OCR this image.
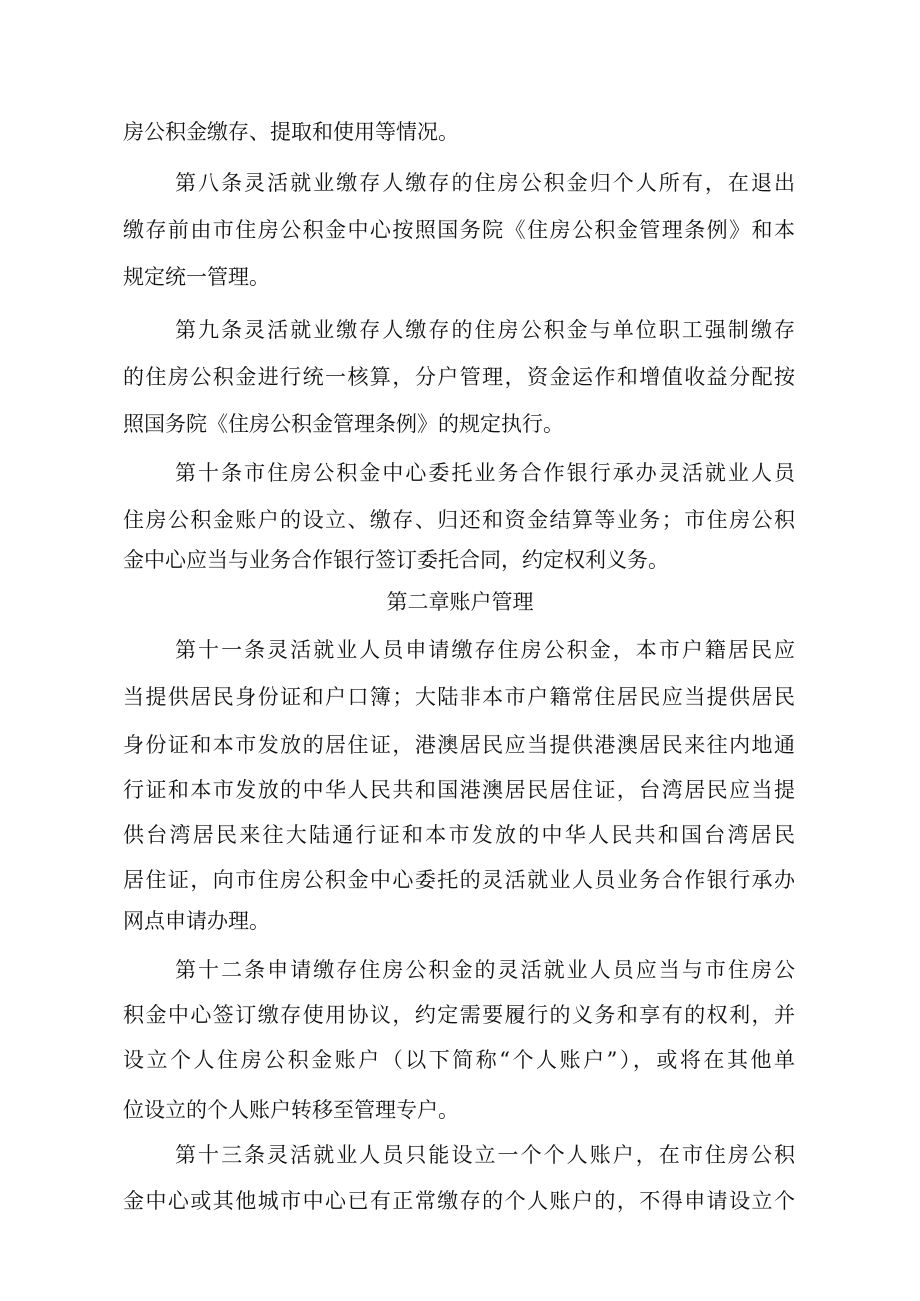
房公积金缴存、提取和使用等情况。
第八条灵活就业缴存人缴存的住房公积金归个人所有，在退出
缴存前由市住房公积金中心按照国务院《住房公积金管理条例》和本
规定统一管理。
第九条灵活就业缴存人缴存的住房公积金与单位职工强制缴存
的住房公积金进行统一核算，分户管理，资金运作和增值收益分配按
照国务院《住房公积金管理条例》的规定执行。
第十条市住房公积金中心委托业务合作银行承办灵活就业人员
住房公积金账户的设立、缴存、归还和资金结算等业务；市住房公积
金中心应当与业务合作银行签订委托合同，约定权利义务。
第二章账户管理
第十一条灵活就业人员申请缴存住房公积金，本市户籍居民应
当提供居民身份证和户口簿；大陆非本市户籍常住居民应当提供居民
身份证和本市发放的居住证，港澳居民应当提供港澳居民来往内地通
行证和本市发放的中华人民共和国港澳居民居住证，台湾居民应当提
供台湾居民来往大陆通行证和本市发放的中华人民共和国台湾居民
居住证，向市住房公积金中心委托的灵活就业人员业务合作银行承办
网点申请办理。
第十二条申请缴存住房公积金的灵活就业人员应当与市住房公
积金中心签订缴存使用协议，约定需要履行的义务和享有的权利，并
设立个人住房公积金账户（以下简称“个人账户”），或将在其他单
位设立的个人账户转移至管理专户。
第十三条灵活就业人员只能设立一个个人账户，在市住房公积
金中心或其他城市中心已有正常缴存的个人账户的，不得申请设立个
